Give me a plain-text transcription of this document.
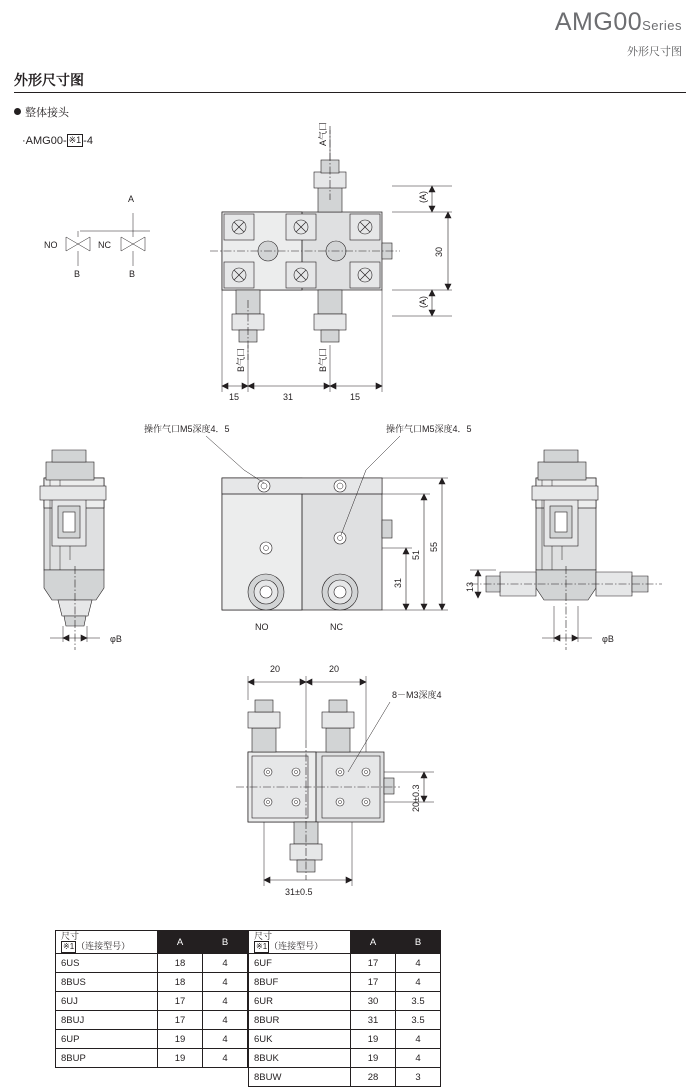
AMG00Series
外形尺寸图
外形尺寸图
整体接头
·AMG00- ※1 -4
A
NO	NC
B	B
(A)
30
(A)
15	31	15
A气口
B气口	B气口
φB
操作气口M5深度4．5	操作气口M5深度4．5
55
51
31
NO	NC
φB
13
20	20
8－M3深度4
20±0.3
31±0.5
尺寸
※1 （连接型号）	A	B
6US	18	4
8BUS	18	4
6UJ	17	4
8BUJ	17	4
6UP	19	4
8BUP	19	4
尺寸
※1 （连接型号）	A	B
6UF	17	4
8BUF	17	4
6UR	30	3.5
8BUR	31	3.5
6UK	19	4
8BUK	19	4
8BUW	28	3
